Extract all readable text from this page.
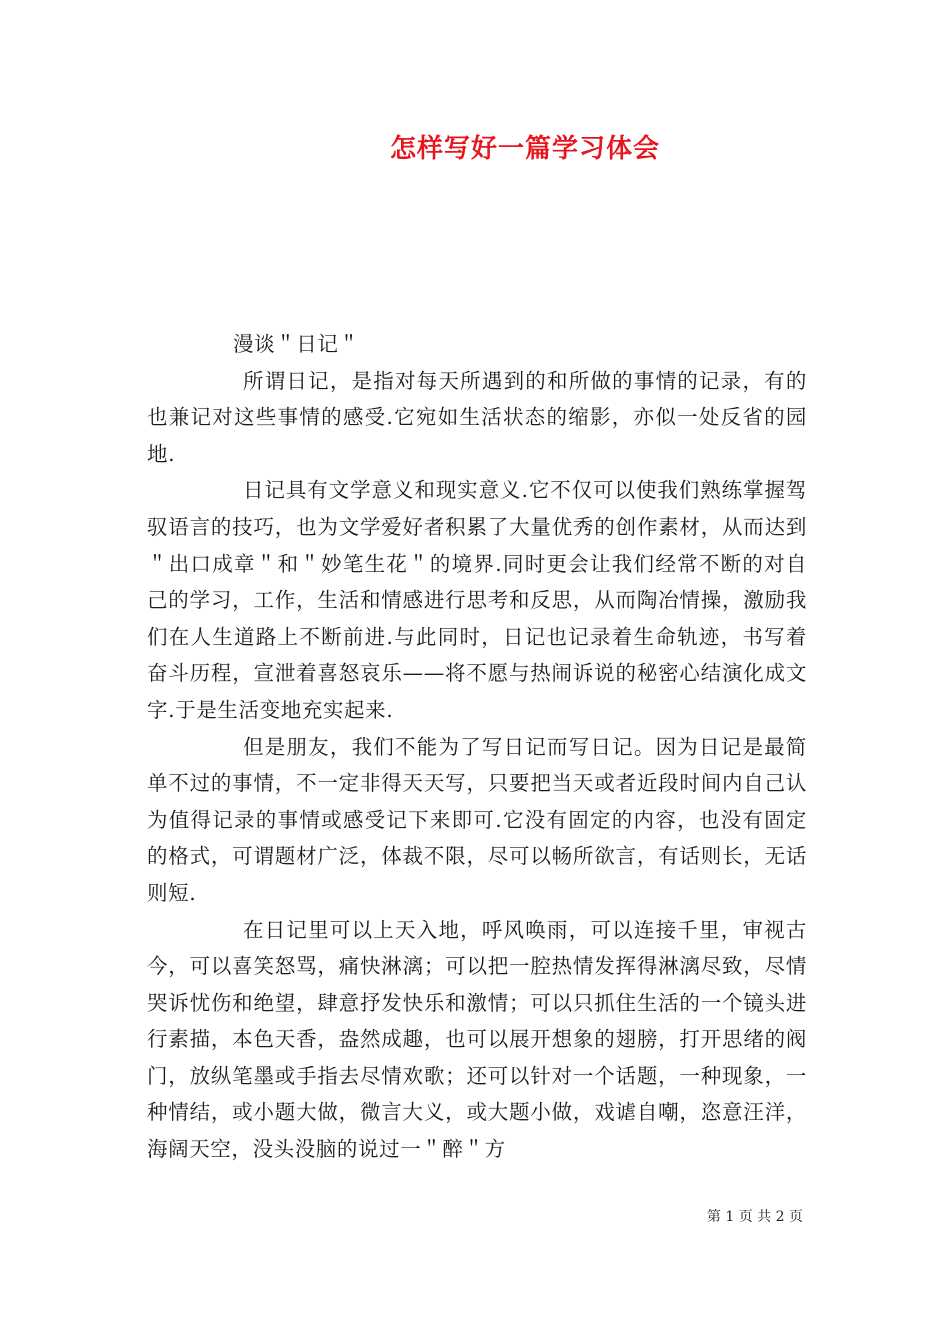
怎样写好一篇学习体会

漫谈＂日记＂

所谓日记，是指对每天所遇到的和所做的事情的记录，有的也兼记对这些事情的感受.它宛如生活状态的缩影，亦似一处反省的园地.

日记具有文学意义和现实意义.它不仅可以使我们熟练掌握驾驭语言的技巧，也为文学爱好者积累了大量优秀的创作素材，从而达到＂出口成章＂和＂妙笔生花＂的境界.同时更会让我们经常不断的对自己的学习，工作，生活和情感进行思考和反思，从而陶冶情操，激励我们在人生道路上不断前进.与此同时，日记也记录着生命轨迹，书写着奋斗历程，宣泄着喜怒哀乐——将不愿与热闹诉说的秘密心结演化成文字.于是生活变地充实起来.

但是朋友，我们不能为了写日记而写日记。因为日记是最简单不过的事情，不一定非得天天写，只要把当天或者近段时间内自己认为值得记录的事情或感受记下来即可.它没有固定的内容，也没有固定的格式，可谓题材广泛，体裁不限，尽可以畅所欲言，有话则长，无话则短.

在日记里可以上天入地，呼风唤雨，可以连接千里，审视古今，可以喜笑怒骂，痛快淋漓；可以把一腔热情发挥得淋漓尽致，尽情哭诉忧伤和绝望，肆意抒发快乐和激情；可以只抓住生活的一个镜头进行素描，本色天香，盎然成趣，也可以展开想象的翅膀，打开思绪的阀门，放纵笔墨或手指去尽情欢歌；还可以针对一个话题，一种现象，一种情结，或小题大做，微言大义，或大题小做，戏谑自嘲，恣意汪洋，海阔天空，没头没脑的说过一＂醉＂方

第 1 页 共 2 页
